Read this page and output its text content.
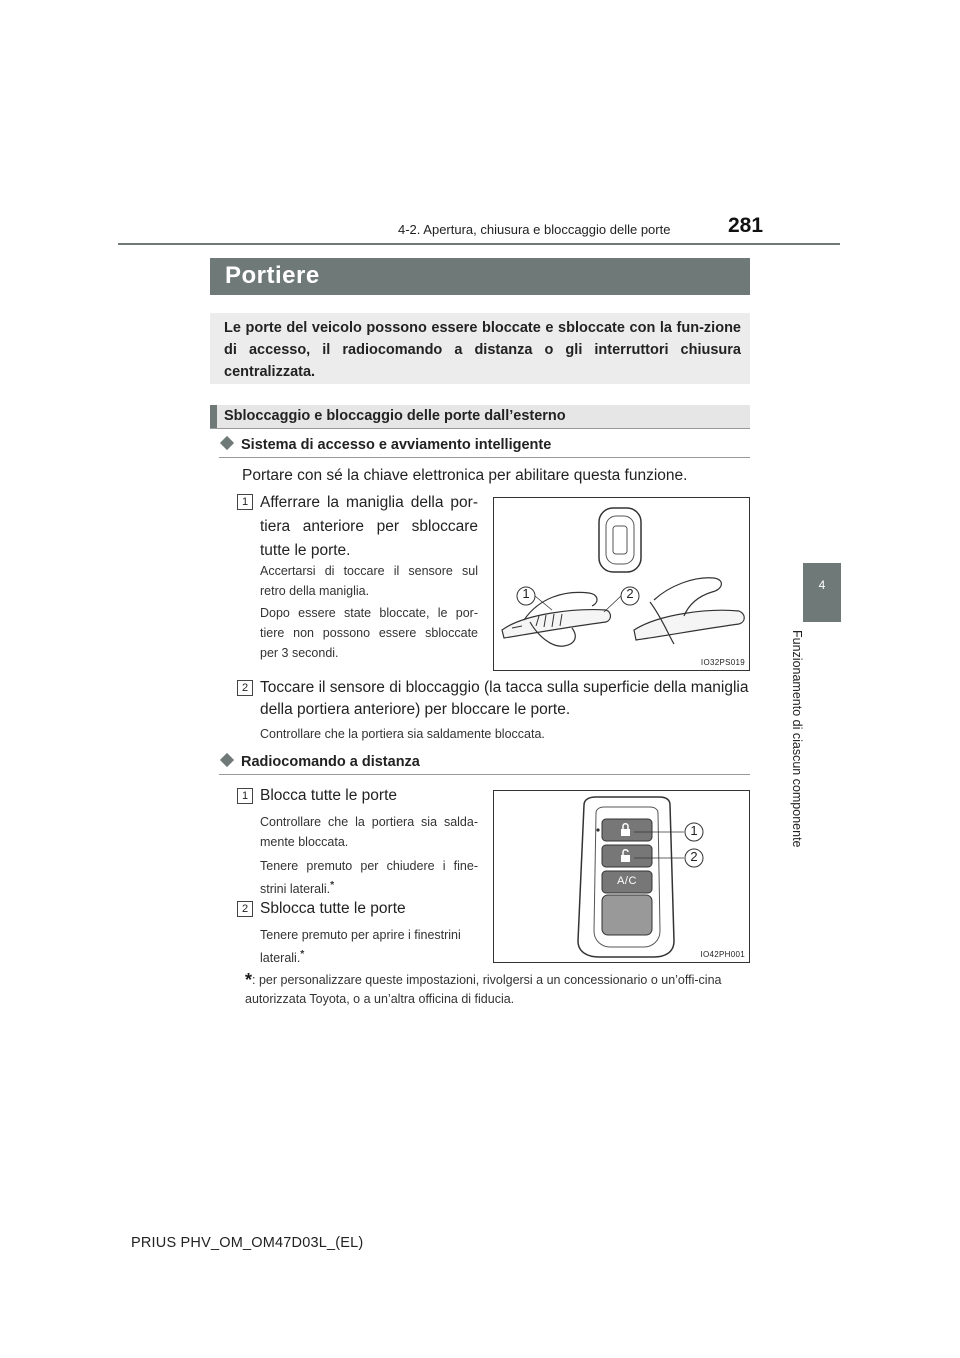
4-2. Apertura, chiusura e bloccaggio delle porte	281
4
Funzionamento di ciascun componente
Portiere
Le porte del veicolo possono essere bloccate e sbloccate con la fun-zione di accesso, il radiocomando a distanza o gli interruttori chiusura centralizzata.
Sbloccaggio e bloccaggio delle porte dall’esterno
Sistema di accesso e avviamento intelligente
Portare con sé la chiave elettronica per abilitare questa funzione.
1 Afferrare la maniglia della por-tiera anteriore per sbloccare tutte le porte.
Accertarsi di toccare il sensore sul retro della maniglia.
Dopo essere state bloccate, le por-tiere non possono essere sbloccate per 3 secondi.
1	2
IO32PS019
2 Toccare il sensore di bloccaggio (la tacca sulla superficie della maniglia della portiera anteriore) per bloccare le porte.
Controllare che la portiera sia saldamente bloccata.
Radiocomando a distanza
1 Blocca tutte le porte
Controllare che la portiera sia salda-mente bloccata.
Tenere premuto per chiudere i fine-strini laterali.*
2 Sblocca tutte le porte
Tenere premuto per aprire i finestrini laterali.*
1
2
A/C
IO42PH001
*: per personalizzare queste impostazioni, rivolgersi a un concessionario o un’offi-cina autorizzata Toyota, o a un’altra officina di fiducia.
PRIUS PHV_OM_OM47D03L_(EL)
